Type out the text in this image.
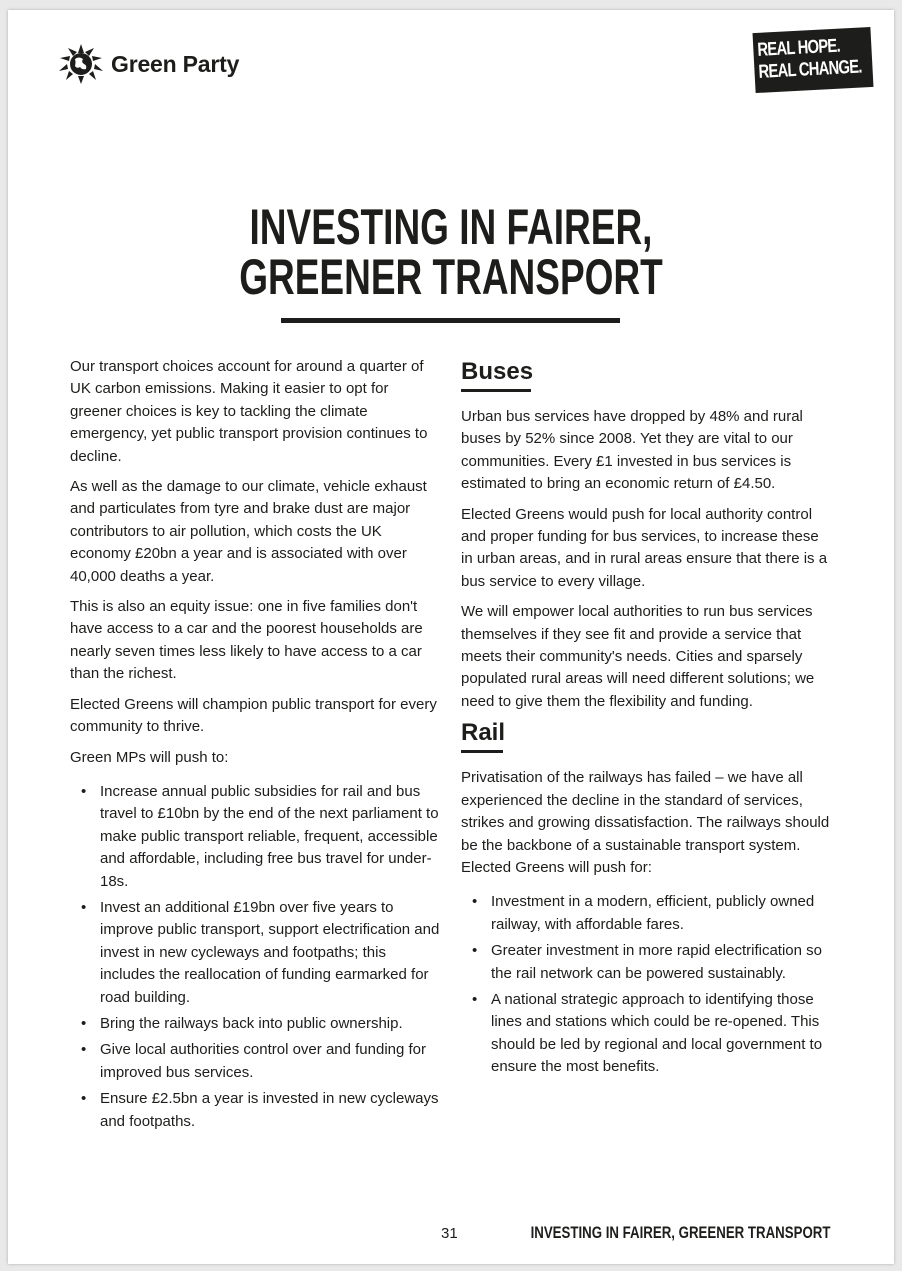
Green Party
REAL HOPE.
REAL CHANGE.
INVESTING IN FAIRER,
GREENER TRANSPORT

Our transport choices account for around a quarter of UK carbon emissions. Making it easier to opt for greener choices is key to tackling the climate emergency, yet public transport provision continues to decline.

As well as the damage to our climate, vehicle exhaust and particulates from tyre and brake dust are major contributors to air pollution, which costs the UK economy £20bn a year and is associated with over 40,000 deaths a year.

This is also an equity issue: one in five families don't have access to a car and the poorest households are nearly seven times less likely to have access to a car than the richest.

Elected Greens will champion public transport for every community to thrive.

Green MPs will push to:

• Increase annual public subsidies for rail and bus travel to £10bn by the end of the next parliament to make public transport reliable, frequent, accessible and affordable, including free bus travel for under-18s.
• Invest an additional £19bn over five years to improve public transport, support electrification and invest in new cycleways and footpaths; this includes the reallocation of funding earmarked for road building.
• Bring the railways back into public ownership.
• Give local authorities control over and funding for improved bus services.
• Ensure £2.5bn a year is invested in new cycleways and footpaths.
Buses

Urban bus services have dropped by 48% and rural buses by 52% since 2008. Yet they are vital to our communities. Every £1 invested in bus services is estimated to bring an economic return of £4.50.

Elected Greens would push for local authority control and proper funding for bus services, to increase these in urban areas, and in rural areas ensure that there is a bus service to every village.

We will empower local authorities to run bus services themselves if they see fit and provide a service that meets their community's needs. Cities and sparsely populated rural areas will need different solutions; we need to give them the flexibility and funding.

Rail

Privatisation of the railways has failed – we have all experienced the decline in the standard of services, strikes and growing dissatisfaction. The railways should be the backbone of a sustainable transport system. Elected Greens will push for:

• Investment in a modern, efficient, publicly owned railway, with affordable fares.
• Greater investment in more rapid electrification so the rail network can be powered sustainably.
• A national strategic approach to identifying those lines and stations which could be re-opened. This should be led by regional and local government to ensure the most benefits.
31	INVESTING IN FAIRER, GREENER TRANSPORT
